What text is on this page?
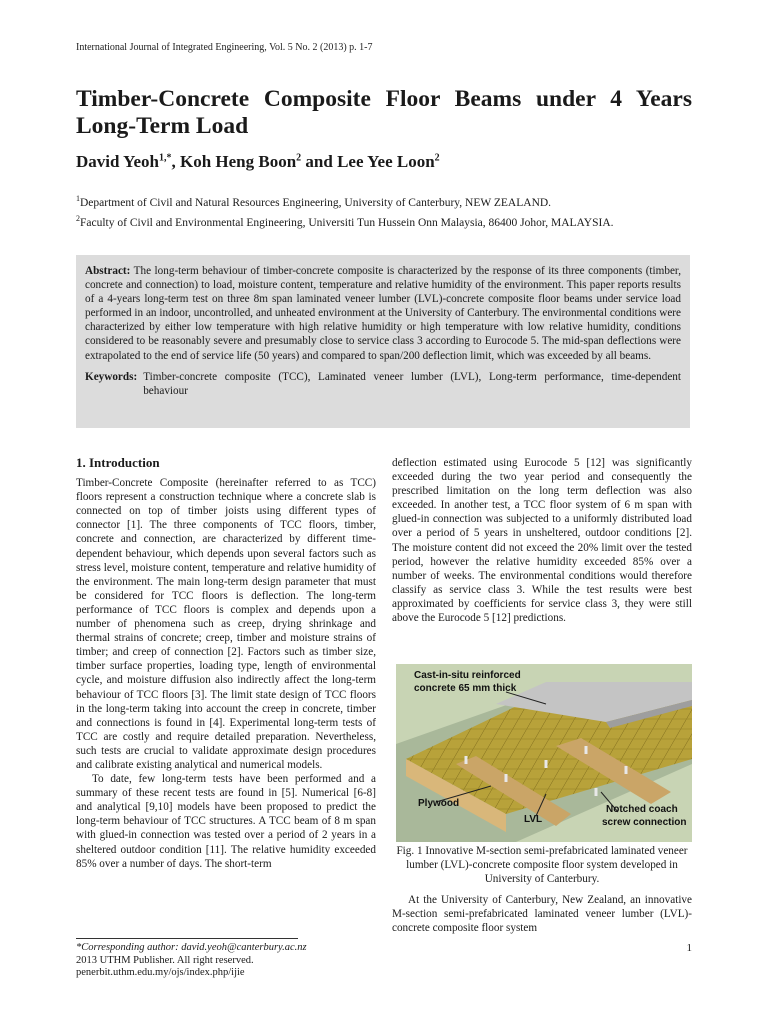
International Journal of Integrated Engineering, Vol. 5 No. 2 (2013) p. 1-7
Timber-Concrete Composite Floor Beams under 4 Years
Long-Term Load
David Yeoh$^{1,*}$, Koh Heng Boon$^2$ and Lee Yee Loon$^2$
$^1$Department of Civil and Natural Resources Engineering, University of Canterbury, NEW ZEALAND.
$^2$Faculty of Civil and Environmental Engineering, Universiti Tun Hussein Onn Malaysia, 86400 Johor, MALAYSIA.
Abstract: The long-term behaviour of timber-concrete composite is characterized by the response of its three components (timber, concrete and connection) to load, moisture content, temperature and relative humidity of the environment. This paper reports results of a 4-years long-term test on three 8m span laminated veneer lumber (LVL)-concrete composite floor beams under service load performed in an indoor, uncontrolled, and unheated environment at the University of Canterbury. The environmental conditions were characterized by either low temperature with high relative humidity or high temperature with low relative humidity, conditions considered to be reasonably severe and presumably close to service class 3 according to Eurocode 5. The mid-span deflections were extrapolated to the end of service life (50 years) and compared to span/200 deflection limit, which was exceeded by all beams.
Keywords: Timber-concrete composite (TCC), Laminated veneer lumber (LVL), Long-term performance, time-dependent behaviour
1. Introduction

Timber-Concrete Composite (hereinafter referred to as TCC) floors represent a construction technique where a concrete slab is connected on top of timber joists using different types of connector [1]. The three components of TCC floors, timber, concrete and connection, are characterized by different time-dependent behaviour, which depends upon several factors such as stress level, moisture content, temperature and relative humidity of the environment. The main long-term design parameter that must be considered for TCC floors is deflection. The long-term performance of TCC floors is complex and depends upon a number of phenomena such as creep, drying shrinkage and thermal strains of concrete; creep, timber and moisture strains of timber; and creep of connection [2]. Factors such as timber size, timber surface properties, loading type, length of environmental cycle, and moisture diffusion also indirectly affect the long-term behaviour of TCC floors [3]. The limit state design of TCC floors in the long-term taking into account the creep in concrete, timber and connections is found in [4]. Experimental long-term tests of TCC are costly and require detailed preparation. Nevertheless, such tests are crucial to validate approximate design procedures and calibrate existing analytical and numerical models.

To date, few long-term tests have been performed and a summary of these recent tests are found in [5]. Numerical [6-8] and analytical [9,10] models have been proposed to predict the long-term behaviour of TCC structures. A TCC beam of 8 m span with glued-in connection was tested over a period of 2 years in a sheltered outdoor condition [11]. The relative humidity exceeded 85% over a number of days. The short-term

deflection estimated using Eurocode 5 [12] was significantly exceeded during the two year period and consequently the prescribed limitation on the long term deflection was also exceeded. In another test, a TCC floor system of 6 m span with glued-in connection was subjected to a uniformly distributed load over a period of 5 years in unsheltered, outdoor conditions [2]. The moisture content did not exceed the 20% limit over the tested period, however the relative humidity exceeded 85% over a number of weeks. The environmental conditions would therefore classify as service class 3. While the test results were best approximated by coefficients for service class 3, they were still above the Eurocode 5 [12] predictions.

Cast-in-situ reinforced
concrete 65 mm thick
Plywood
LVL
Notched coach
screw connection
Fig. 1 Innovative M-section semi-prefabricated laminated veneer lumber (LVL)-concrete composite floor system developed in University of Canterbury.

At the University of Canterbury, New Zealand, an innovative M-section semi-prefabricated laminated veneer lumber (LVL)-concrete composite floor system

*Corresponding author: david.yeoh@canterbury.ac.nz
2013 UTHM Publisher. All right reserved.
penerbit.uthm.edu.my/ojs/index.php/ijie
1
